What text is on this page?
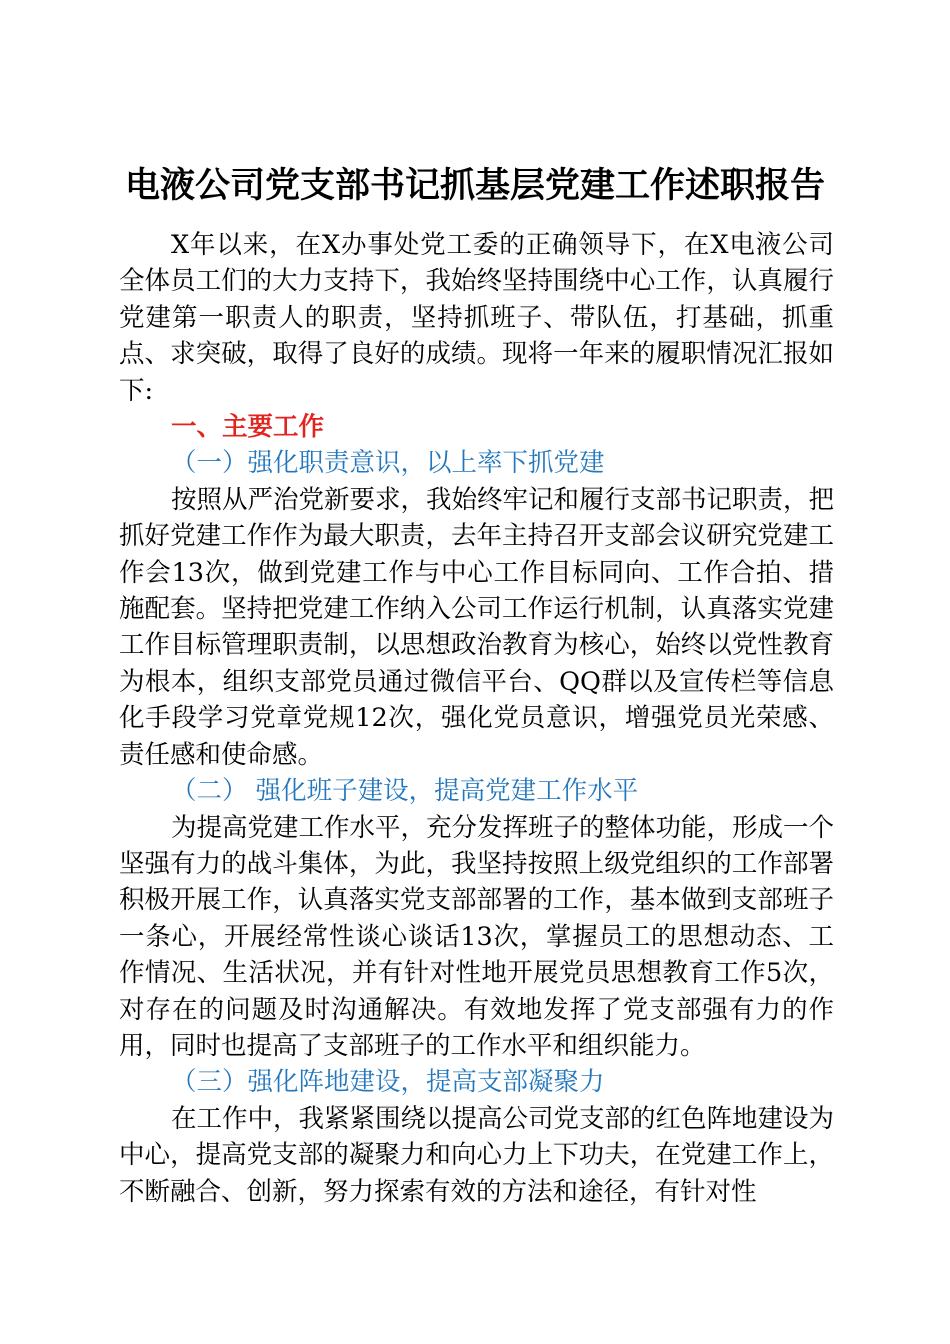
电液公司党支部书记抓基层党建工作述职报告

X年以来，在X办事处党工委的正确领导下，在X电液公司全体员工们的大力支持下，我始终坚持围绕中心工作，认真履行党建第一职责人的职责，坚持抓班子、带队伍，打基础，抓重点、求突破，取得了良好的成绩。现将一年来的履职情况汇报如下:

一、主要工作

（一）强化职责意识，以上率下抓党建

按照从严治党新要求，我始终牢记和履行支部书记职责，把抓好党建工作作为最大职责，去年主持召开支部会议研究党建工作会13次，做到党建工作与中心工作目标同向、工作合拍、措施配套。坚持把党建工作纳入公司工作运行机制，认真落实党建工作目标管理职责制，以思想政治教育为核心，始终以党性教育为根本，组织支部党员通过微信平台、QQ群以及宣传栏等信息化手段学习党章党规12次，强化党员意识，增强党员光荣感、责任感和使命感。

（二） 强化班子建设，提高党建工作水平

为提高党建工作水平，充分发挥班子的整体功能，形成一个坚强有力的战斗集体，为此，我坚持按照上级党组织的工作部署积极开展工作，认真落实党支部部署的工作，基本做到支部班子一条心，开展经常性谈心谈话13次，掌握员工的思想动态、工作情况、生活状况，并有针对性地开展党员思想教育工作5次，对存在的问题及时沟通解决。有效地发挥了党支部强有力的作用，同时也提高了支部班子的工作水平和组织能力。

（三）强化阵地建设，提高支部凝聚力

在工作中，我紧紧围绕以提高公司党支部的红色阵地建设为中心，提高党支部的凝聚力和向心力上下功夫，在党建工作上，不断融合、创新，努力探索有效的方法和途径，有针对性
